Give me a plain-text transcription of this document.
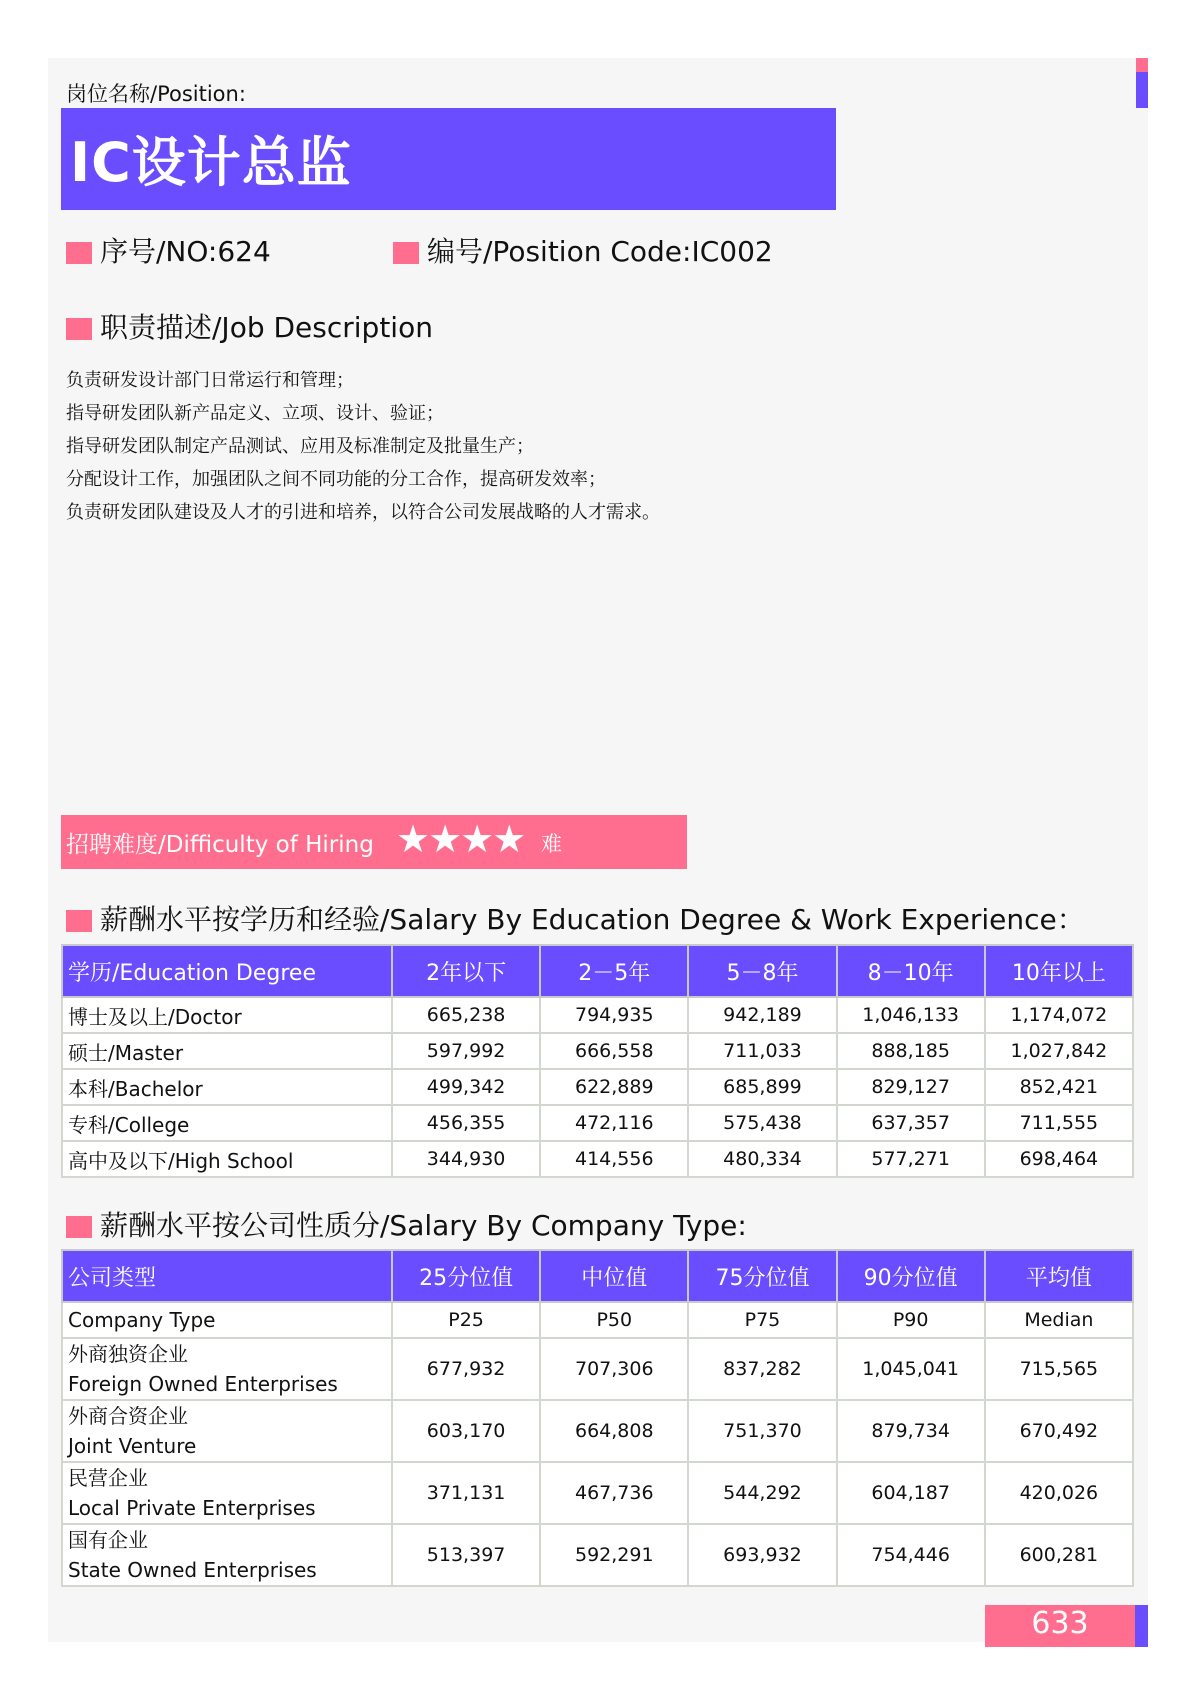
岗位名称/Position:
IC设计总监
序号/NO:624	编号/Position Code:IC002
职责描述/Job Description
负责研发设计部门日常运行和管理；
指导研发团队新产品定义、立项、设计、验证；
指导研发团队制定产品测试、应用及标准制定及批量生产；
分配设计工作，加强团队之间不同功能的分工合作，提高研发效率；
负责研发团队建设及人才的引进和培养，以符合公司发展战略的人才需求。
招聘难度/Difficulty of Hiring ★★★★ 难
薪酬水平按学历和经验/Salary By Education Degree & Work Experience：
学历/Education Degree	2年以下	2－5年	5－8年	8－10年	10年以上
博士及以上/Doctor	665,238	794,935	942,189	1,046,133	1,174,072
硕士/Master	597,992	666,558	711,033	888,185	1,027,842
本科/Bachelor	499,342	622,889	685,899	829,127	852,421
专科/College	456,355	472,116	575,438	637,357	711,555
高中及以下/High School	344,930	414,556	480,334	577,271	698,464
薪酬水平按公司性质分/Salary By Company Type:
公司类型	25分位值	中位值	75分位值	90分位值	平均值
Company Type	P25	P50	P75	P90	Median

外商独资企业
Foreign Owned Enterprises	677,932	707,306	837,282	1,045,041	715,565

外商合资企业
Joint Venture	603,170	664,808	751,370	879,734	670,492

民营企业
Local Private Enterprises	371,131	467,736	544,292	604,187	420,026

国有企业
State Owned Enterprises	513,397	592,291	693,932	754,446	600,281
633
